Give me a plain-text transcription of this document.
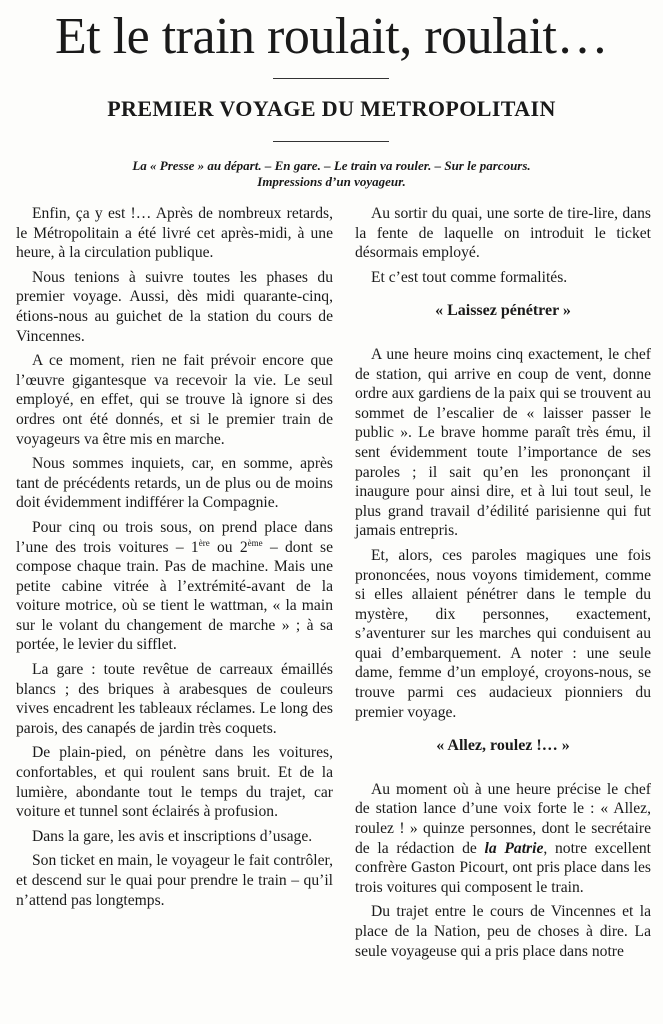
Et le train roulait, roulait…
PREMIER VOYAGE DU METROPOLITAIN

La « Presse » au départ. – En gare. – Le train va rouler. – Sur le parcours.
Impressions d’un voyageur.

Enfin, ça y est !… Après de nombreux retards, le Métropolitain a été livré cet après-midi, à une heure, à la circulation publique.

Nous tenions à suivre toutes les phases du premier voyage. Aussi, dès midi quarante-cinq, étions-nous au guichet de la station du cours de Vincennes.

A ce moment, rien ne fait prévoir encore que l’œuvre gigantesque va recevoir la vie. Le seul employé, en effet, qui se trouve là ignore si des ordres ont été donnés, et si le premier train de voyageurs va être mis en marche.

Nous sommes inquiets, car, en somme, après tant de précédents retards, un de plus ou de moins doit évidemment indifférer la Compagnie.

Pour cinq ou trois sous, on prend place dans l’une des trois voitures – 1ère ou 2ème – dont se compose chaque train. Pas de machine. Mais une petite cabine vitrée à l’extrémité-avant de la voiture motrice, où se tient le wattman, « la main sur le volant du changement de marche » ; à sa portée, le levier du sifflet.

La gare : toute revêtue de carreaux émaillés blancs ; des briques à arabesques de couleurs vives encadrent les tableaux réclames. Le long des parois, des canapés de jardin très coquets.

De plain-pied, on pénètre dans les voitures, confortables, et qui roulent sans bruit. Et de la lumière, abondante tout le temps du trajet, car voiture et tunnel sont éclairés à profusion.

Dans la gare, les avis et inscriptions d’usage.

Son ticket en main, le voyageur le fait contrôler, et descend sur le quai pour prendre le train – qu’il n’attend pas longtemps.

Au sortir du quai, une sorte de tire-lire, dans la fente de laquelle on introduit le ticket désormais employé.

Et c’est tout comme formalités.

« Laissez pénétrer »

A une heure moins cinq exactement, le chef de station, qui arrive en coup de vent, donne ordre aux gardiens de la paix qui se trouvent au sommet de l’escalier de « laisser passer le public ». Le brave homme paraît très ému, il sent évidemment toute l’importance de ses paroles ; il sait qu’en les prononçant il inaugure pour ainsi dire, et à lui tout seul, le plus grand travail d’édilité parisienne qui fut jamais entrepris.

Et, alors, ces paroles magiques une fois prononcées, nous voyons timidement, comme si elles allaient pénétrer dans le temple du mystère, dix personnes, exactement, s’aventurer sur les marches qui conduisent au quai d’embarquement. A noter : une seule dame, femme d’un employé, croyons-nous, se trouve parmi ces audacieux pionniers du premier voyage.

« Allez, roulez !… »

Au moment où à une heure précise le chef de station lance d’une voix forte le : « Allez, roulez ! » quinze personnes, dont le secrétaire de la rédaction de la Patrie, notre excellent confrère Gaston Picourt, ont pris place dans les trois voitures qui composent le train.

Du trajet entre le cours de Vincennes et la place de la Nation, peu de choses à dire. La seule voyageuse qui a pris place dans notre
